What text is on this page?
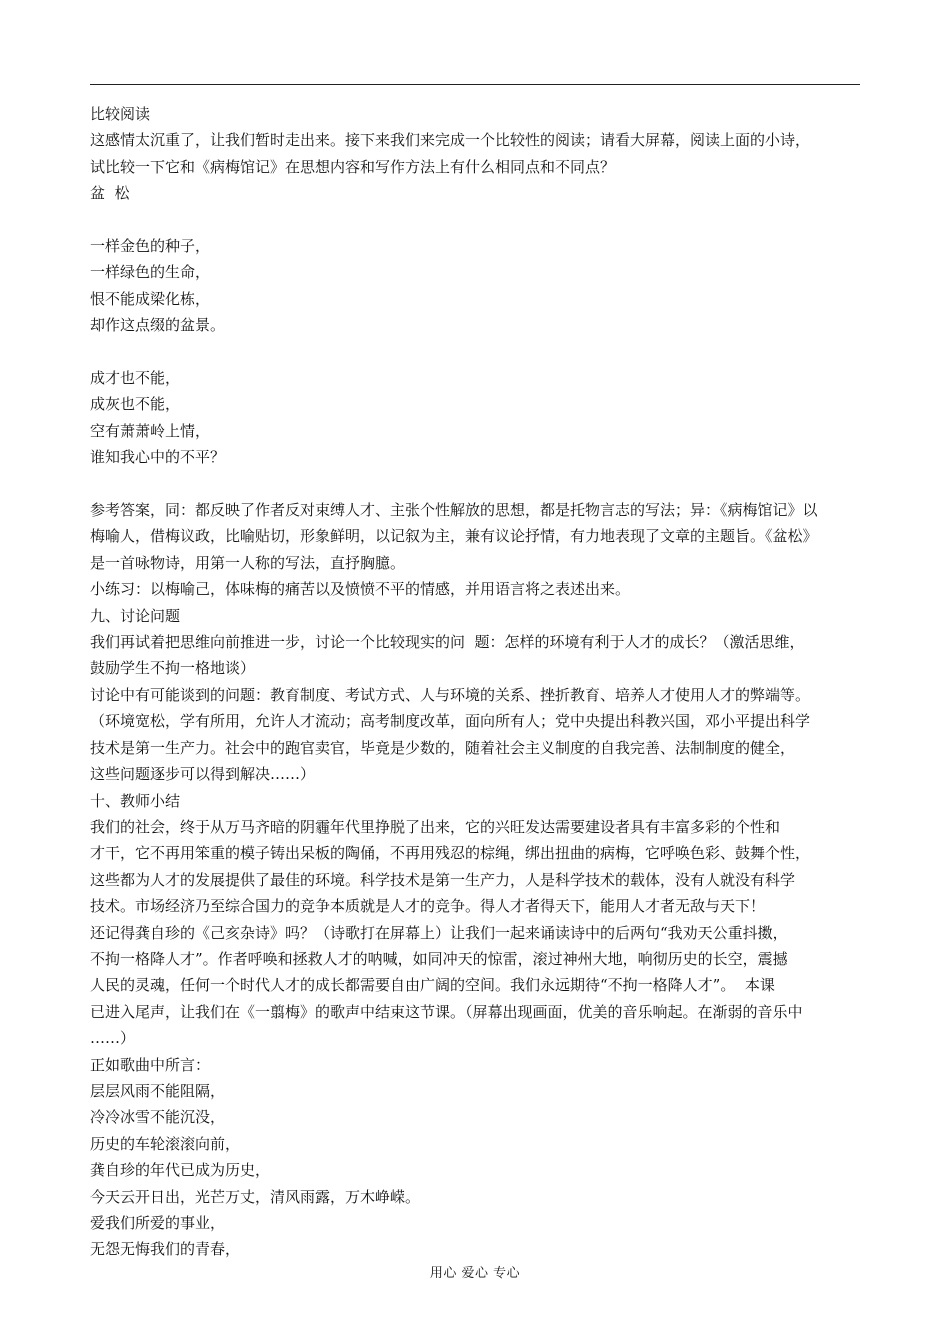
比较阅读

这感情太沉重了，让我们暂时走出来。接下来我们来完成一个比较性的阅读；请看大屏幕，阅读上面的小诗，

试比较一下它和《病梅馆记》在思想内容和写作方法上有什么相同点和不同点？

盆  松

一样金色的种子，

一样绿色的生命，

恨不能成梁化栋，

却作这点缀的盆景。

成才也不能，

成灰也不能，

空有萧萧岭上情，

谁知我心中的不平？

参考答案，同：都反映了作者反对束缚人才、主张个性解放的思想，都是托物言志的写法；异：《病梅馆记》以

梅喻人，借梅议政，比喻贴切，形象鲜明，以记叙为主，兼有议论抒情，有力地表现了文章的主题旨。《盆松》

是一首咏物诗，用第一人称的写法，直抒胸臆。

小练习：以梅喻己，体味梅的痛苦以及愤愤不平的情感，并用语言将之表述出来。

九、讨论问题

我们再试着把思维向前推进一步，讨论一个比较现实的问  题：怎样的环境有利于人才的成长？（激活思维，

鼓励学生不拘一格地谈）

讨论中有可能谈到的问题：教育制度、考试方式、人与环境的关系、挫折教育、培养人才使用人才的弊端等。

（环境宽松，学有所用，允许人才流动；高考制度改革，面向所有人；党中央提出科教兴国，邓小平提出科学

技术是第一生产力。社会中的跑官卖官，毕竟是少数的，随着社会主义制度的自我完善、法制制度的健全，

这些问题逐步可以得到解决……）

十、教师小结

我们的社会，终于从万马齐暗的阴霾年代里挣脱了出来，它的兴旺发达需要建设者具有丰富多彩的个性和

才干，它不再用笨重的模子铸出呆板的陶俑，不再用残忍的棕绳，绑出扭曲的病梅，它呼唤色彩、鼓舞个性，

这些都为人才的发展提供了最佳的环境。科学技术是第一生产力，人是科学技术的载体，没有人就没有科学

技术。市场经济乃至综合国力的竞争本质就是人才的竞争。得人才者得天下，能用人才者无敌与天下！

还记得龚自珍的《己亥杂诗》吗？（诗歌打在屏幕上）让我们一起来诵读诗中的后两句“我劝天公重抖擞，

不拘一格降人才”。作者呼唤和拯救人才的呐喊，如同冲天的惊雷，滚过神州大地，响彻历史的长空，震撼

人民的灵魂，任何一个时代人才的成长都需要自由广阔的空间。我们永远期待“不拘一格降人才”。  本课

已进入尾声，让我们在《一翦梅》的歌声中结束这节课。（屏幕出现画面，优美的音乐响起。在渐弱的音乐中

……）

正如歌曲中所言：

层层风雨不能阻隔，

冷冷冰雪不能沉没，

历史的车轮滚滚向前，

龚自珍的年代已成为历史，

今天云开日出，光芒万丈，清风雨露，万木峥嵘。

爱我们所爱的事业，

无怨无悔我们的青春，

用心 爱心 专心
